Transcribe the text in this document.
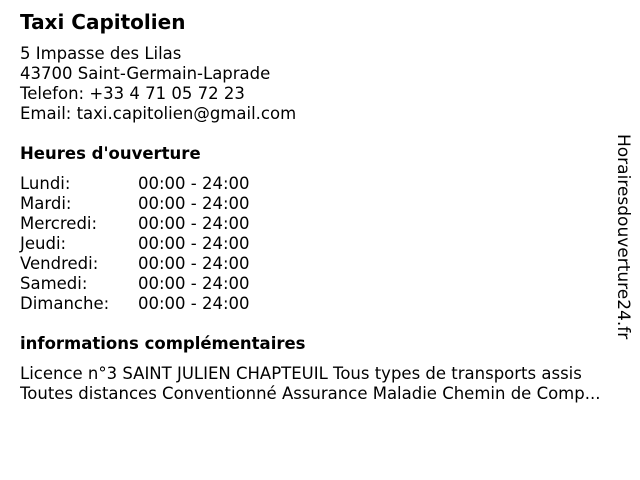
Taxi Capitolien
5 Impasse des Lilas
43700 Saint-Germain-Laprade
Telefon: +33 4 71 05 72 23
Email: taxi.capitolien@gmail.com
Heures d'ouverture
Lundi:	00:00 - 24:00
Mardi:	00:00 - 24:00
Mercredi: 00:00 - 24:00
Jeudi:	00:00 - 24:00
Vendredi: 00:00 - 24:00
Samedi:	00:00 - 24:00
Dimanche: 00:00 - 24:00
informations complémentaires
Licence n°3 SAINT JULIEN CHAPTEUIL Tous types de transports assis
Toutes distances Conventionné Assurance Maladie Chemin de Comp...
Horairesdouverture24.fr
